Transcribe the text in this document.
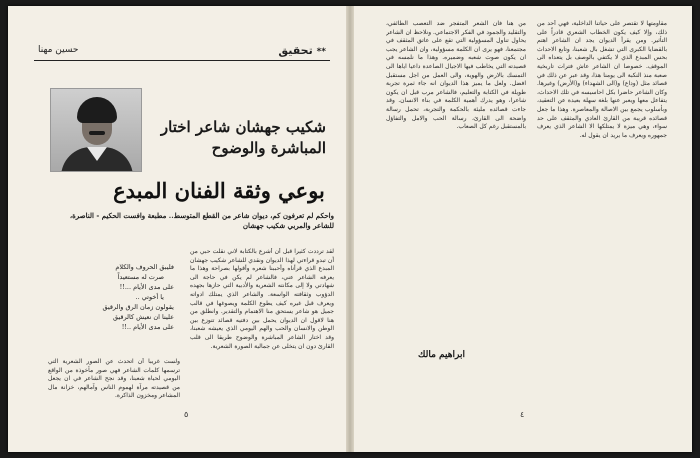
حسين مهنا	** تحقيق
شكيب جهشان شاعر اختار
المباشرة والوضوح
بوعي وثقة الفنان المبدع
واحكم لم تعرفون كم، ديوان شاعر من القطع المتوسط.. مطبعة وافست الحكيم - الناصرة، للشاعر والمربي شكيب جهشان
لقد ترددت كثيراً قبل أن أشرع بالكتابة لاني نقلت حبي من أن تبدو قراءتي لهذا الديوان ونقدي للشاعر شكيب جهشان المبدع الذي قرأناه وأحببنا شعره وأقولها بصراحة وهذا ما يعرفه الشاعر عني، فالشاعر لم يكن في حاجة الى شهادتي ولا إلى مكانته الشعرية والأدبية التي حازها بجهده الدؤوب وثقافته الواسعة. والشاعر الذي يمتلك ادواته ويعرف قبل غيره كيف يطوع الكلمة ويصوغها في قالب جميل هو شاعر يستحق منا الاهتمام والتقدير. وانطلق من هنا لاقول ان الديوان يحمل بين دفتيه قصائد تتوزع بين الوطن والانسان والحب والهم اليومي الذي يعيشه شعبنا، وقد اختار الشاعر المباشرة والوضوح طريقا الى قلب القارئ دون ان يتخلى عن جمالية الصورة الشعرية.
فليبق الحروف والكلام
صرت له مستعيداً
على مدى الأيام ...!!
يا أخوتي ..
يقولون زمان الرق والرقيق
علينا ان نعيش كالرقيق
على مدى الأيام ..!!
ولست غريباً أن اتحدث عن الصور الشعرية التي ترسمها كلمات الشاعر فهي صور مأخوذة من الواقع اليومي لحياة شعبنا، وقد نجح الشاعر في ان يجعل من قصيدته مرآة لهموم الناس وآمالهم، خزانة مال المشاعر ومخزون الذاكرة.
٥
مقاومتها لا تقتصر على حياتنا الداخلية، فهي أحد من ذلك، وإلا كيف يكون الخطاب الشعري قادراً على التأثير. ومن يقرأ الديوان يجد ان الشاعر اهتم بالقضايا الكبرى التي تشغل بال شعبنا، وتابع الاحداث بحس المبدع الذي لا يكتفي بالوصف بل يتعداه الى الموقف. خصوصا ان الشاعر عاش فترات تاريخية صعبة منذ النكبة الى يومنا هذا، وقد عبر عن ذلك في قصائد مثل (وداع) و(الى الشهداء) و(الأرض) وغيرها. وكان الشاعر حاضرا بكل احاسيسه في تلك الاحداث، يتفاعل معها ويعبر عنها بلغة سهلة بعيدة عن التعقيد، وبأسلوب يجمع بين الاصالة والمعاصرة. وهذا ما جعل قصائده قريبة من القارئ العادي والمثقف على حد سواء، وهي ميزة لا يمتلكها الا الشاعر الذي يعرف جمهوره ويعرف ما يريد ان يقول له.
من هنا فان الشعر المتفجر ضد التعصب الطائفي، والتقليد والجمود في الفكر الاجتماعي. ونلاحظ ان الشاعر يحاول تناول المسؤولية التي تقع على عاتق المثقف في مجتمعنا، فهو يرى ان الكلمة مسؤولية، وان الشاعر يجب ان يكون صوت شعبه وضميره. وهذا ما نلمسه في قصيدته التي يخاطب فيها الاجيال الصاعدة داعيا اياها الى التمسك بالارض والهوية، والى العمل من اجل مستقبل افضل. ولعل ما يميز هذا الديوان انه جاء ثمرة تجربة طويلة في الكتابة والتعليم، فالشاعر مرب قبل ان يكون شاعرا، وهو يدرك أهمية الكلمة في بناء الانسان. وقد جاءت قصائده مليئة بالحكمة والتجربة، تحمل رسالة واضحة الى القارئ، رسالة الحب والامل والتفاؤل بالمستقبل رغم كل الصعاب.
ابراهيم مالك
٤
